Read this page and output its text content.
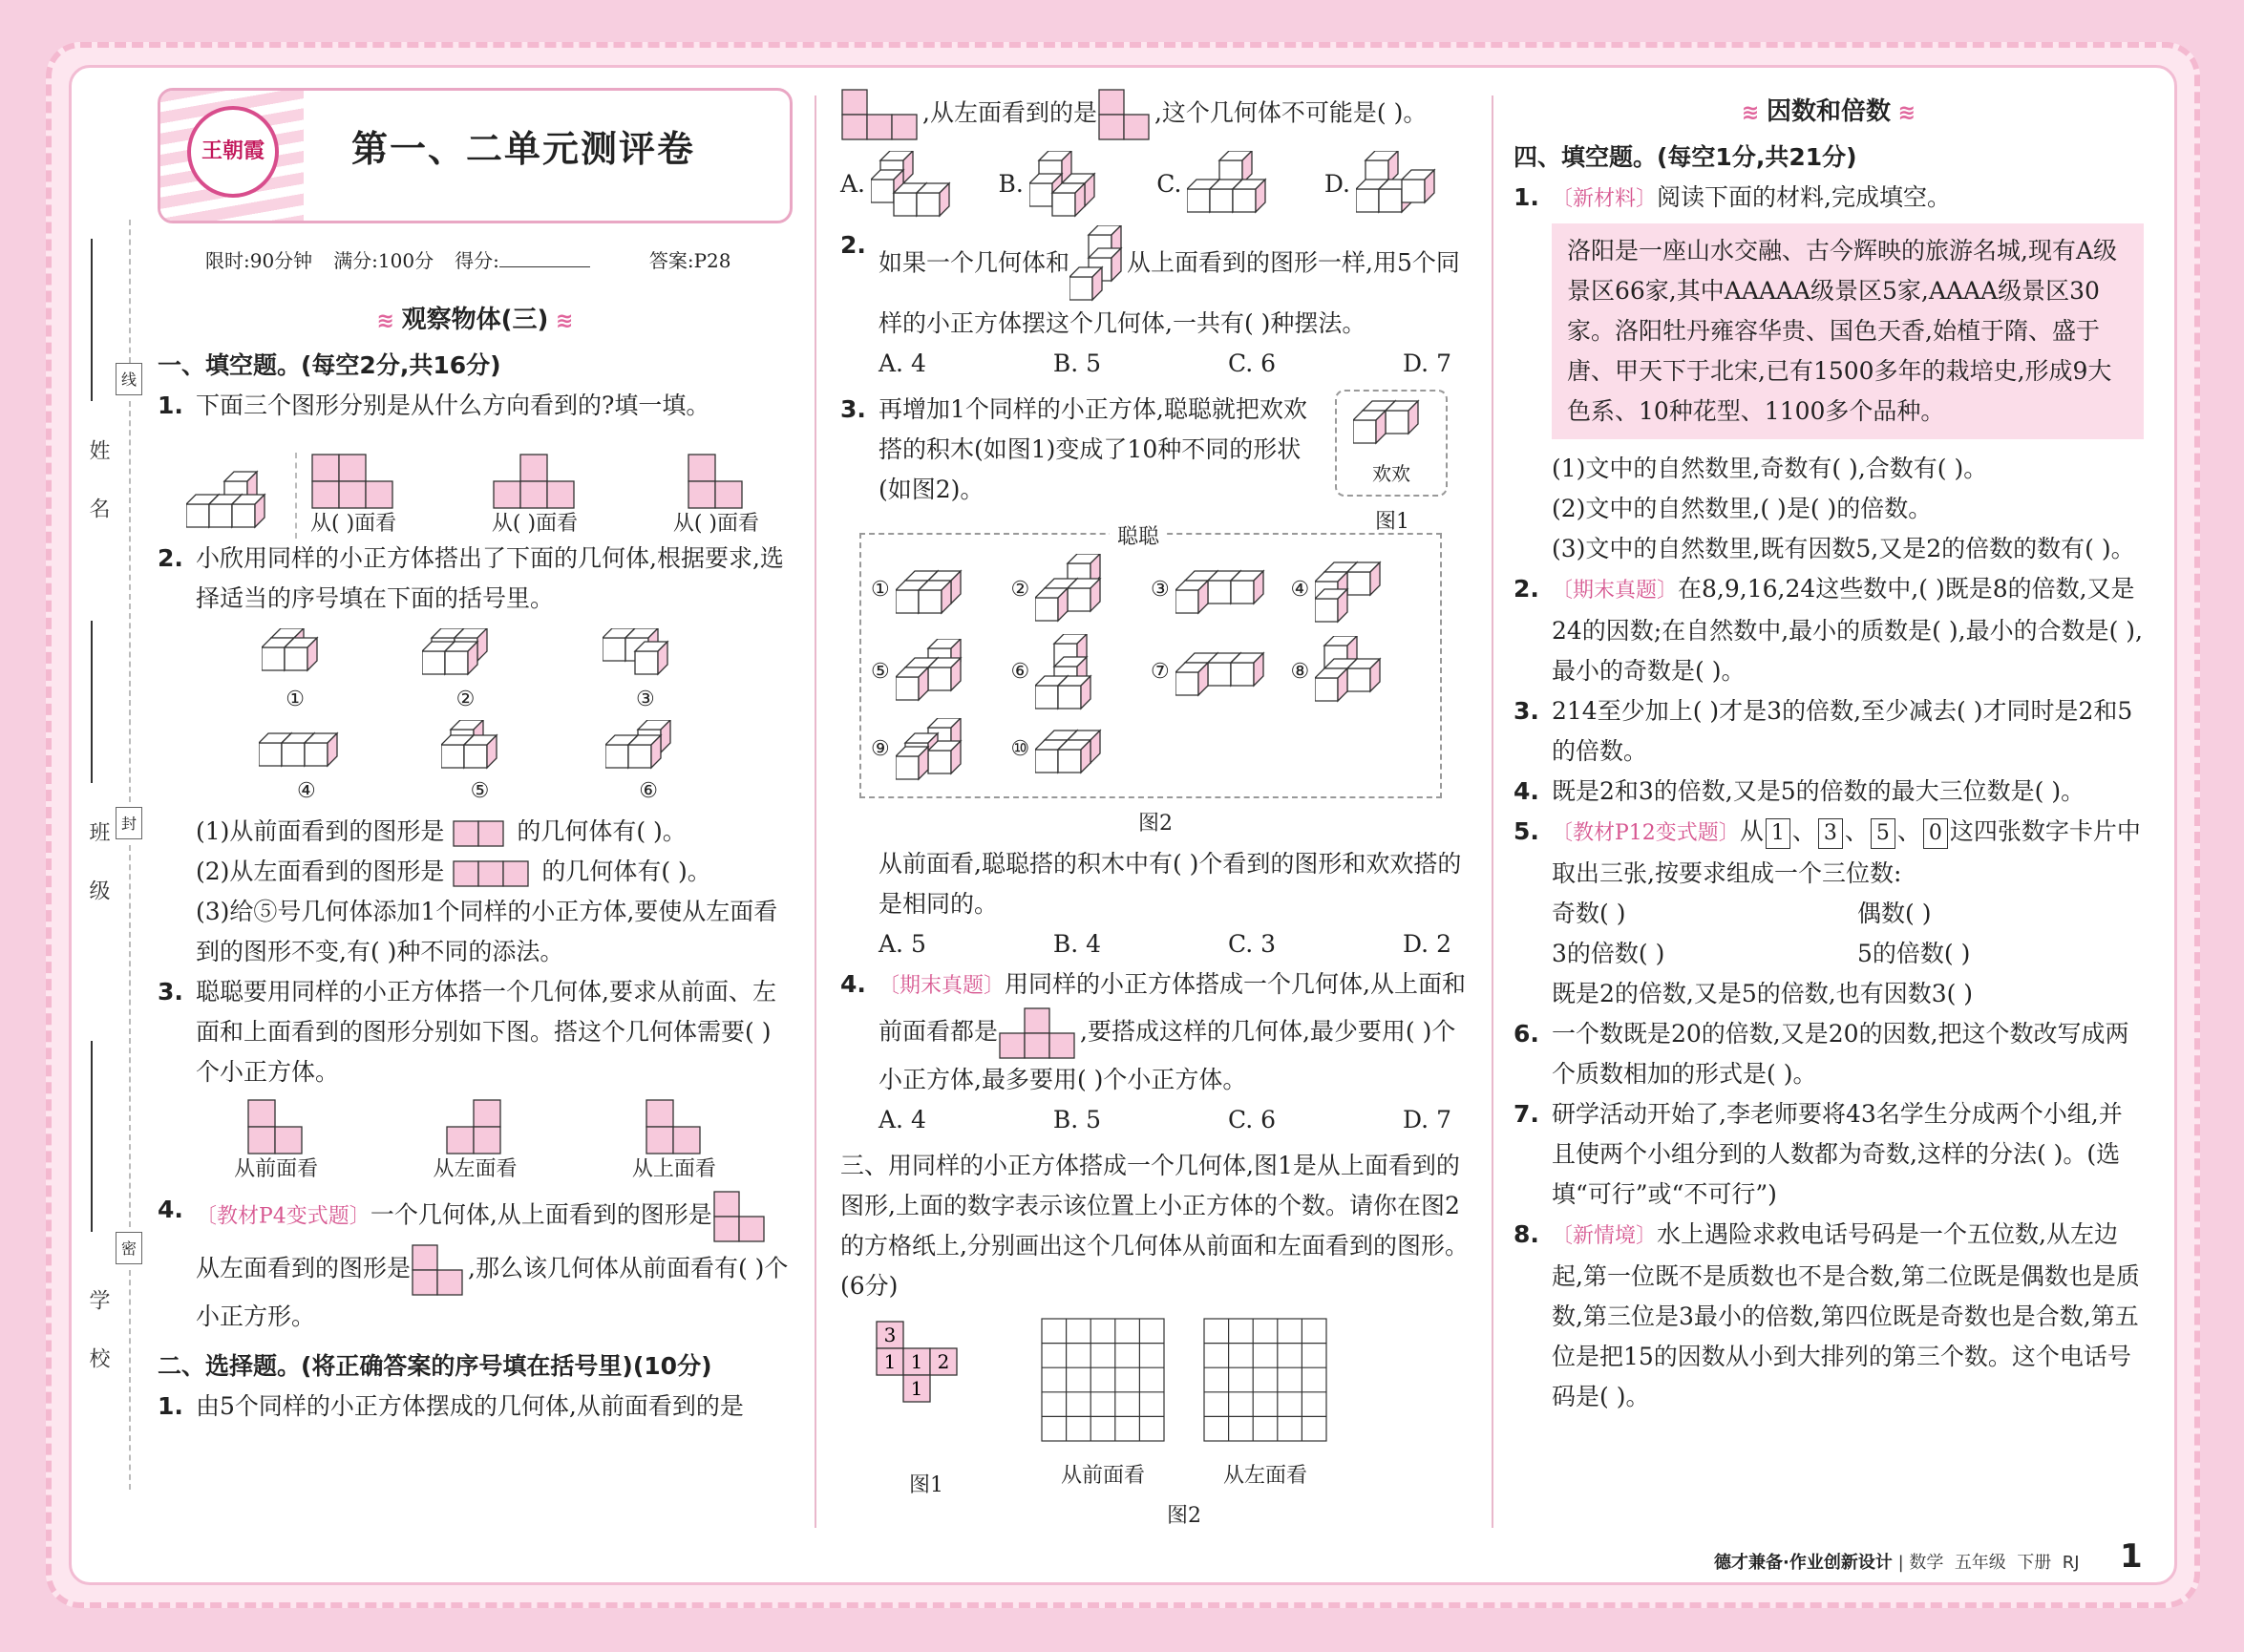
姓 名
班 级
学 校
线
封
密
王朝霞	第一、二单元测评卷
限时:90分钟 满分:100分 得分:	答案:P28
≋ 观察物体(三) ≋
一、填空题。(每空2分,共16分)
1. 下面三个图形分别是从什么方向看到的?填一填。
从( )面看	从( )面看	从( )面看
2. 小欣用同样的小正方体搭出了下面的几何体,根据要求,选择适当的序号填在下面的括号里。
①	②	③
④	⑤	⑥
(1)从前面看到的图形是	的几何体有( )。
(2)从左面看到的图形是	的几何体有( )。
(3)给⑤号几何体添加1个同样的小正方体,要使从左面看到的图形不变,有( )种不同的添法。
3. 聪聪要用同样的小正方体搭一个几何体,要求从前面、左面和上面看到的图形分别如下图。搭这个几何体需要( )个小正方体。
从前面看	从左面看	从上面看
4. 〔教材P4变式题〕一个几何体,从上面看到的图形是
从左面看到的图形是 ,那么该几何体从前面看有( )个小正方形。
二、选择题。(将正确答案的序号填在括号里)(10分)
1. 由5个同样的小正方体摆成的几何体,从前面看到的是
,从左面看到的是 ,这个几何体不可能是( )。
A.	B.	C.	D.
2.
如果一个几何体和 从上面看到的图形一样,用5个同样的小正方体摆这个几何体,一共有( )种摆法。
A. 4	B. 5	C. 6	D. 7
3. 再增加1个同样的小正方体,聪聪就把欢欢搭的积木(如图1)变成了10种不同的形状(如图2)。
欢欢
图1
聪聪
①	②	③	④
⑤	⑥	⑦	⑧
⑨	⑩
图2
从前面看,聪聪搭的积木中有( )个看到的图形和欢欢搭的是相同的。
A. 5	B. 4	C. 3	D. 2
4. 〔期末真题〕用同样的小正方体搭成一个几何体,从上面和前面看都是	,要搭成这样的几何体,最少要用( )个小正方体,最多要用( )个小正方体。
A. 4	B. 5	C. 6	D. 7
三、用同样的小正方体搭成一个几何体,图1是从上面看到的图形,上面的数字表示该位置上小正方体的个数。请你在图2的方格纸上,分别画出这个几何体从前面和左面看到的图形。(6分)
3
1 1 2
1
图1	从前面看	从左面看
图2
≋ 因数和倍数 ≋
四、填空题。(每空1分,共21分)
1. 〔新材料〕阅读下面的材料,完成填空。
洛阳是一座山水交融、古今辉映的旅游名城,现有A级景区66家,其中AAAAA级景区5家,AAAA级景区30家。洛阳牡丹雍容华贵、国色天香,始植于隋、盛于唐、甲天下于北宋,已有1500多年的栽培史,形成9大色系、10种花型、1100多个品种。
(1)文中的自然数里,奇数有( ),合数有( )。
(2)文中的自然数里,( )是( )的倍数。
(3)文中的自然数里,既有因数5,又是2的倍数的数有( )。
2. 〔期末真题〕在8,9,16,24这些数中,( )既是8的倍数,又是24的因数;在自然数中,最小的质数是( ),最小的合数是( ),最小的奇数是( )。
3. 214至少加上( )才是3的倍数,至少减去( )才同时是2和5的倍数。
4. 既是2和3的倍数,又是5的倍数的最大三位数是( )。
5. 〔教材P12变式题〕从 1 、 3 、 5 、 0 这四张数字卡片中取出三张,按要求组成一个三位数:
奇数( )	偶数( )
3的倍数( )	5的倍数( )
既是2的倍数,又是5的倍数,也有因数3( )
6. 一个数既是20的倍数,又是20的因数,把这个数改写成两个质数相加的形式是( )。
7. 研学活动开始了,李老师要将43名学生分成两个小组,并且使两个小组分到的人数都为奇数,这样的分法( )。(选填“可行”或“不可行”)
8. 〔新情境〕水上遇险求救电话号码是一个五位数,从左边起,第一位既不是质数也不是合数,第二位既是偶数也是质数,第三位是3最小的倍数,第四位既是奇数也是合数,第五位是把15的因数从小到大排列的第三个数。这个电话号码是( )。
德才兼备·作业创新设计 | 数学 五年级 下册 RJ 1
